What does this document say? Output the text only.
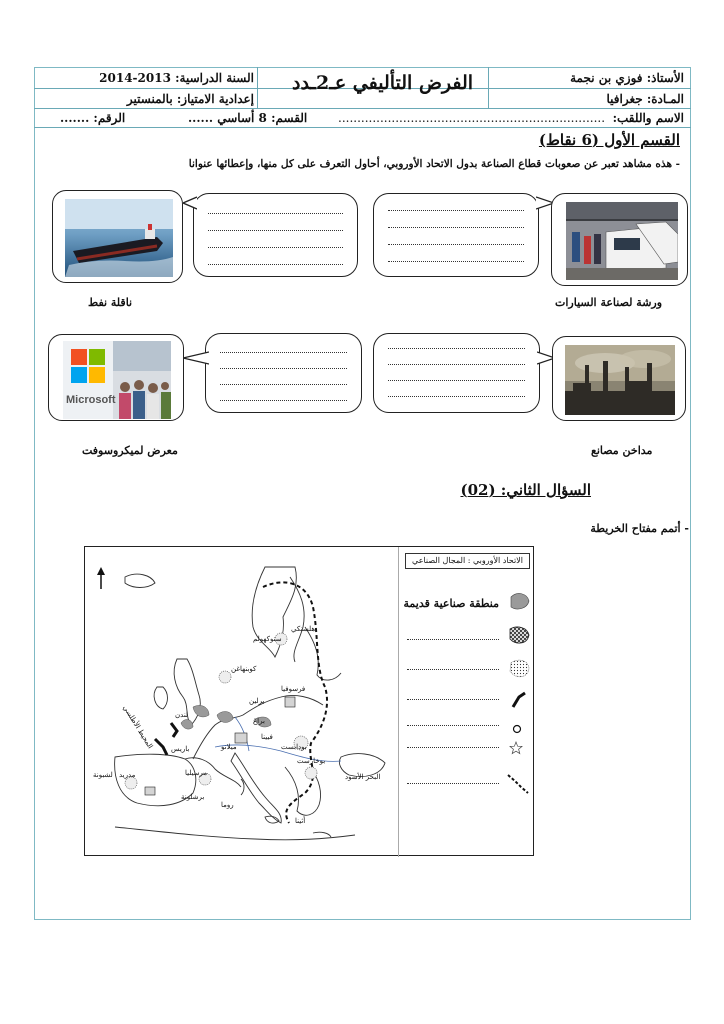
الأستاذ: فوزي بن نجمة
المـادة: جغرافيا
الفرض التأليفي عـ2ـدد
السنة الدراسية: 2013-2014
إعدادية الامتياز: بالمنستير
الاسم واللقب:
......................................................................
القسم: 8 أساسي ......
الرقم: .......
القسم الأول (6 نقاط)
- هذه مشاهد تعبر عن صعوبات قطاع الصناعة بدول الاتحاد الأوروبي، أحاول التعرف على كل منها، وإعطائها عنوانا
ناقلة نفط	ورشة لصناعة السيارات
Microsoft
معرض لميكروسوفت	مداخن مصانع
السؤال الثاني: (02)
- أتمم مفتاح الخريطة
المحيط الأطلسي
البحر الأسود
مدريد
لشبونة
روما
باريس
لندن
برلين
بوخارست
فرسوفيا
ستوكهولم
هلسنكي
كوبنهاغن
ميلانو
مرسيليا
برشلونة
فيينا
براغ
بودابست
أثينا
الاتحاد الأوروبي : المجال الصناعي
منطقة صناعية قديمة
